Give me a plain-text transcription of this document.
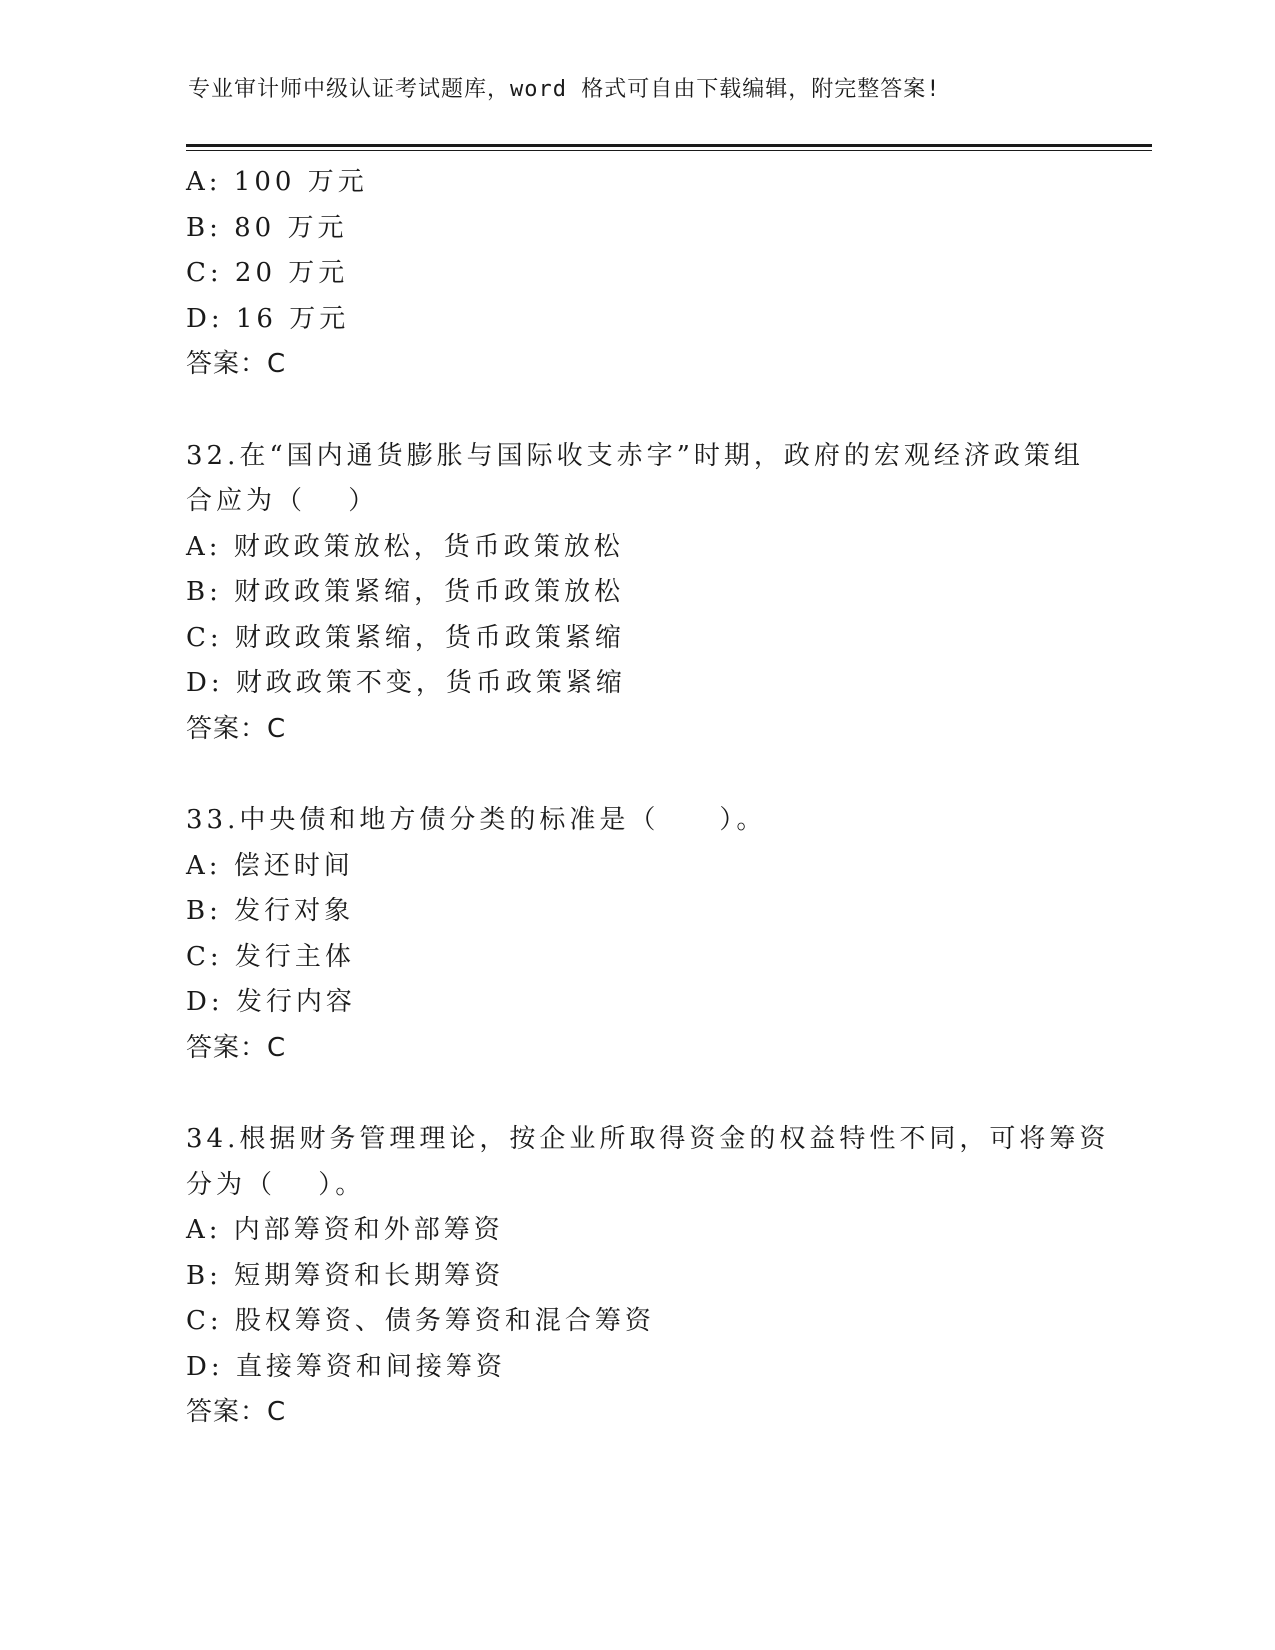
专业审计师中级认证考试题库，word 格式可自由下载编辑，附完整答案!
A: 100 万元
B: 80 万元
C: 20 万元
D: 16 万元
答案：C
32.在“国内通货膨胀与国际收支赤字”时期，政府的宏观经济政策组
合应为（　 ）
A: 财政政策放松，货币政策放松
B: 财政政策紧缩，货币政策放松
C: 财政政策紧缩，货币政策紧缩
D: 财政政策不变，货币政策紧缩
答案：C
33.中央债和地方债分类的标准是（　　）。
A: 偿还时间
B: 发行对象
C: 发行主体
D: 发行内容
答案：C
34.根据财务管理理论，按企业所取得资金的权益特性不同，可将筹资
分为（　 ）。
A: 内部筹资和外部筹资
B: 短期筹资和长期筹资
C: 股权筹资、债务筹资和混合筹资
D: 直接筹资和间接筹资
答案：C
